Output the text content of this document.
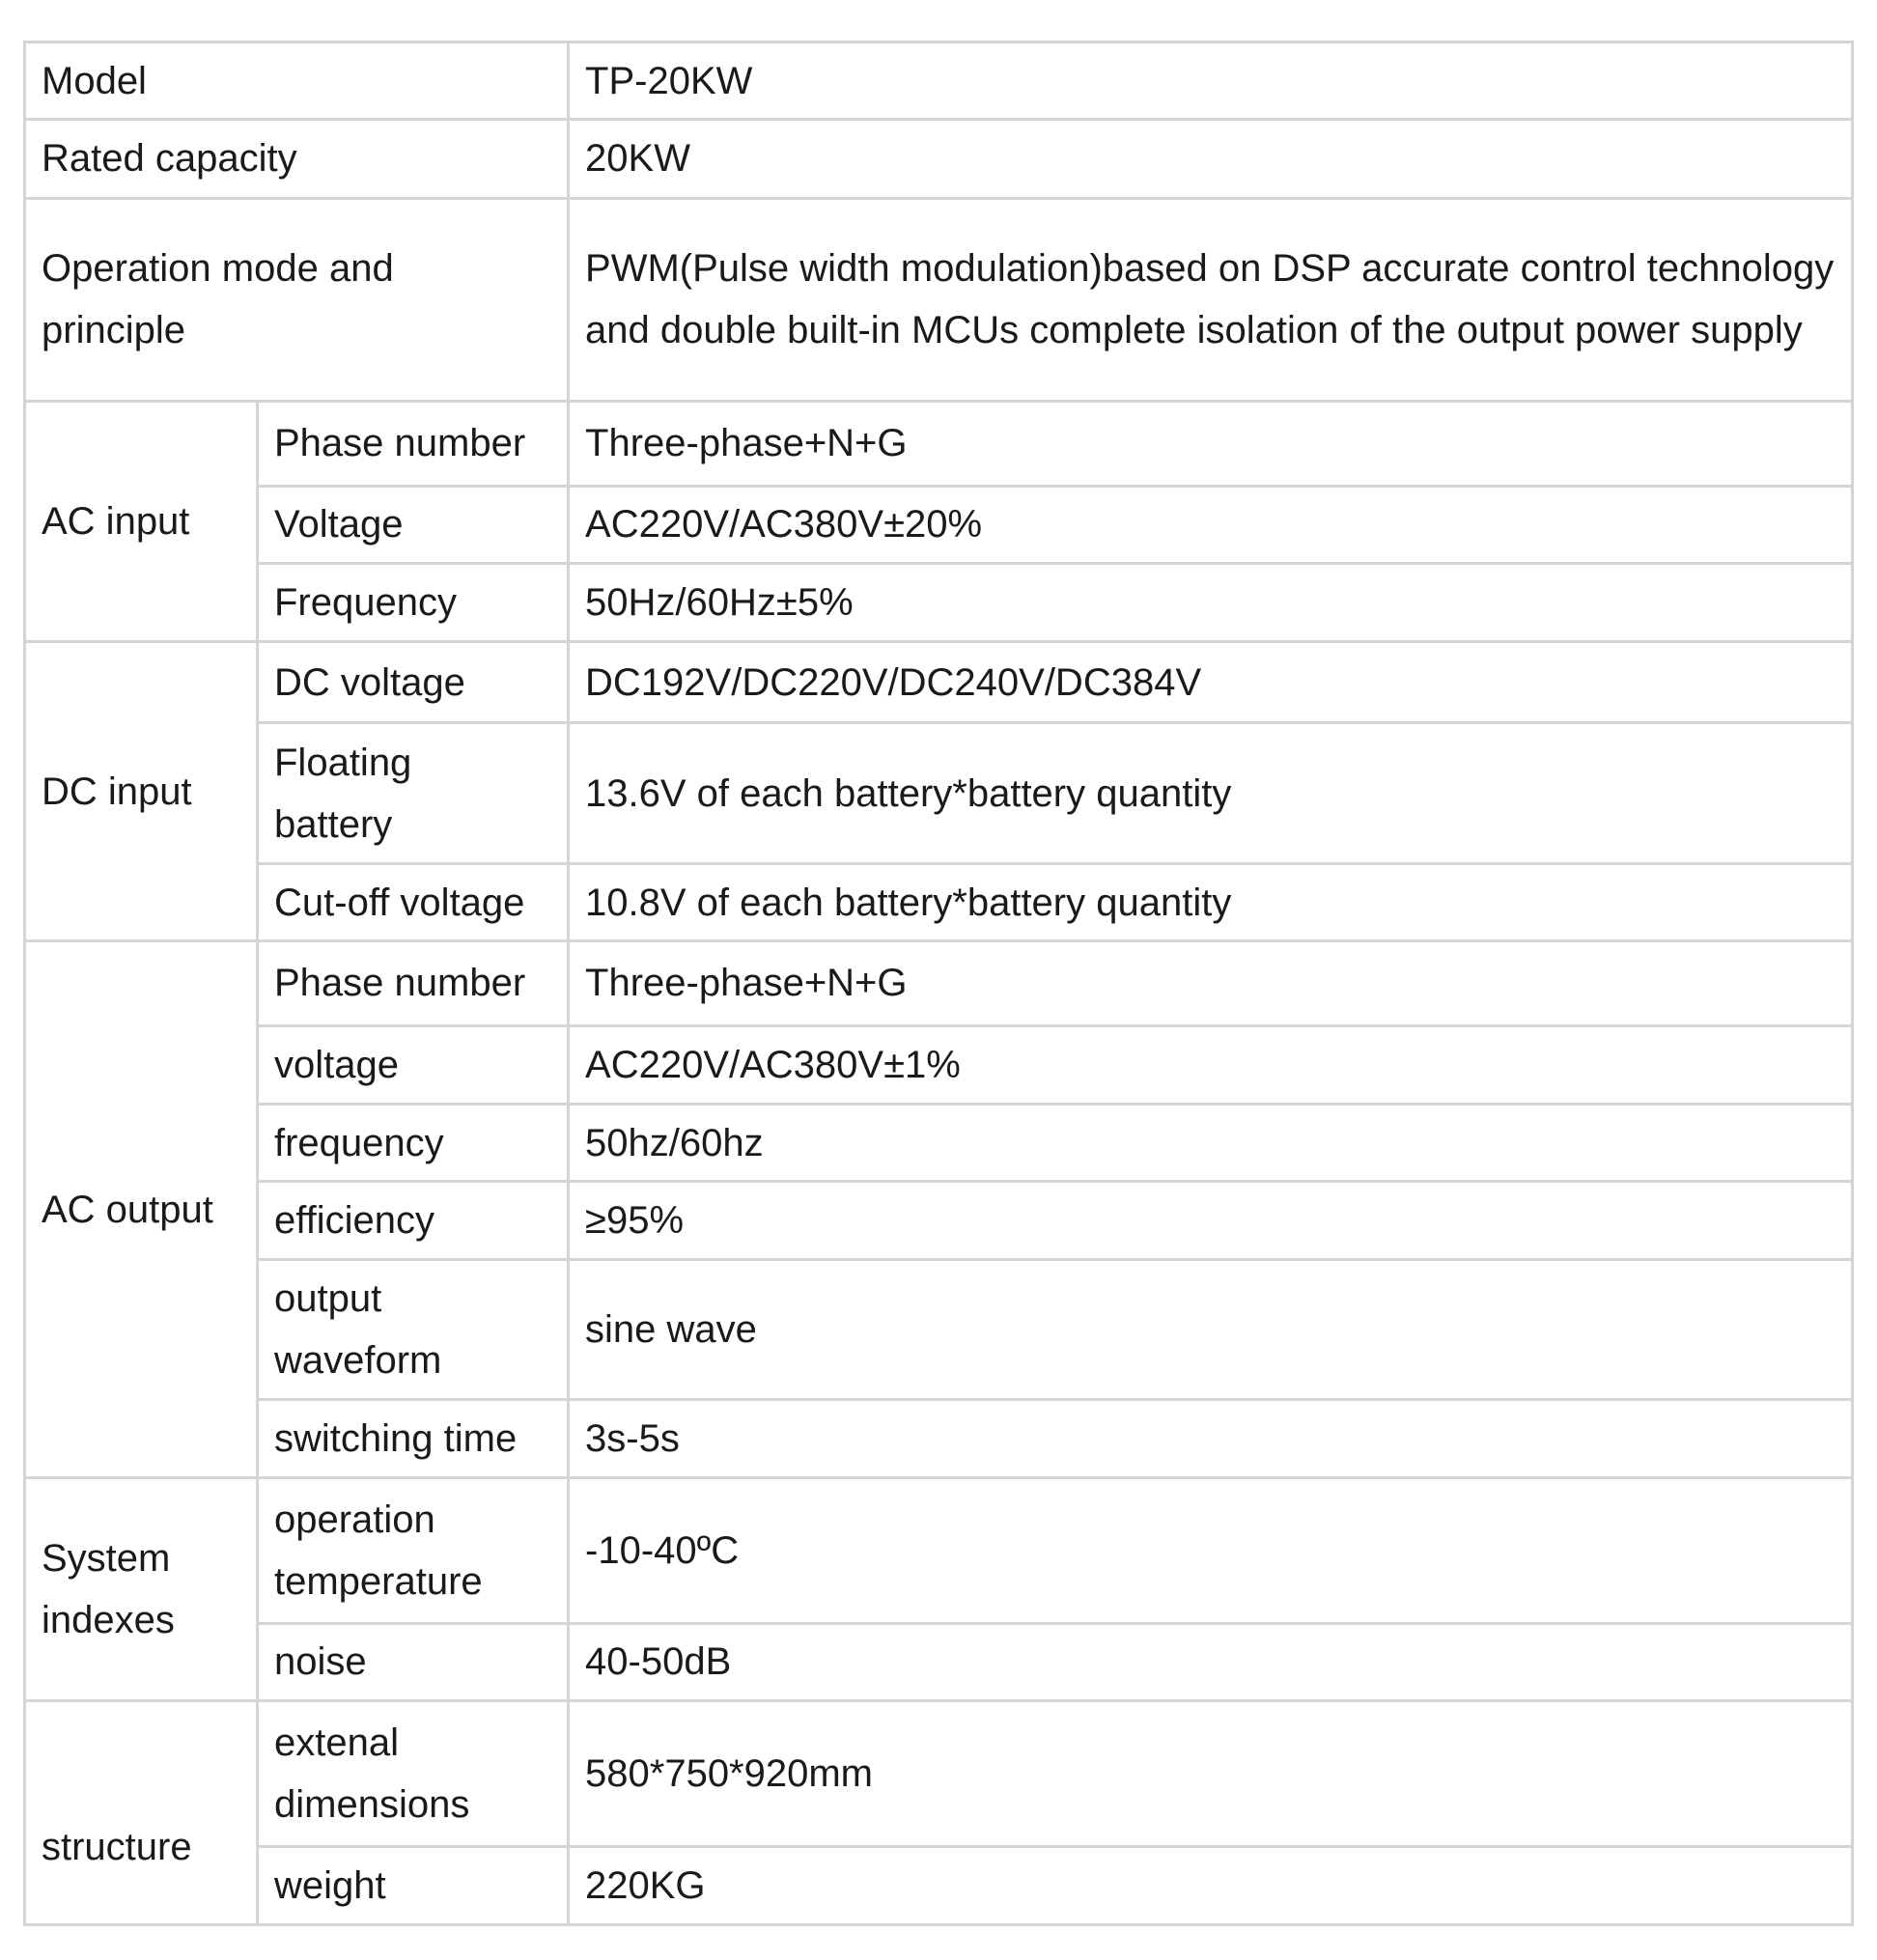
Model		TP-20KW
Rated capacity		20KW
Operation mode and principle		PWM(Pulse width modulation)based on DSP accurate control technology and double built-in MCUs complete isolation of the output power supply
AC input	Phase number	Three-phase+N+G
	Voltage	AC220V/AC380V±20%
	Frequency	50Hz/60Hz±5%
DC input	DC voltage	DC192V/DC220V/DC240V/DC384V
	Floating battery	13.6V of each battery*battery quantity
	Cut-off voltage	10.8V of each battery*battery quantity
AC output	Phase number	Three-phase+N+G
	voltage	AC220V/AC380V±1%
	frequency	50hz/60hz
	efficiency	≥95%
	output waveform	sine wave
	switching time	3s-5s
System indexes	operation temperature	-10-40ºC
	noise	40-50dB
structure	extenal dimensions	580*750*920mm
	weight	220KG
